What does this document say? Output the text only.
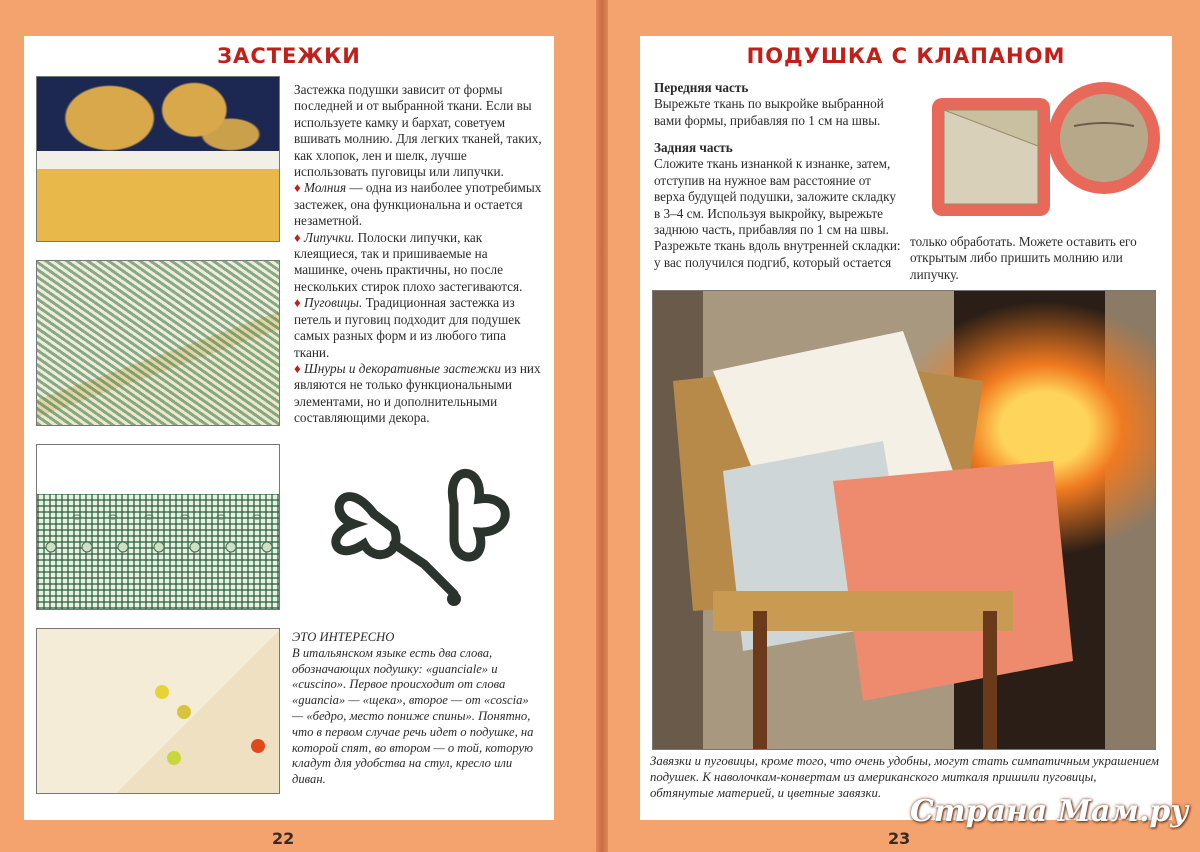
ЗАСТЕЖКИ

Застежка подушки зависит от формы последней и от выбранной ткани. Если вы используете камку и бархат, советуем вшивать молнию. Для легких тканей, таких, как хлопок, лен и шелк, лучше использовать пуговицы или липучки.

♦ Молния — одна из наиболее употребимых застежек, она функциональна и остается незаметной.

♦ Липучки. Полоски липучки, как клеящиеся, так и пришиваемые на машинке, очень практичны, но после нескольких стирок плохо застегиваются.

♦ Пуговицы. Традиционная застежка из петель и пуговиц подходит для подушек самых разных форм и из любого типа ткани.

♦ Шнуры и декоративные застежки из них являются не только функциональными элементами, но и дополнительными составляющими декора.

ЭТО ИНТЕРЕСНО

В итальянском языке есть два слова, обозначающих подушку: «guanciale» и «cuscino». Первое происходит от слова «guancia» — «щека», второе — от «coscia» — «бедро, место пониже спины». Понятно, что в первом случае речь идет о подушке, на которой спят, во втором — о той, которую кладут для удобства на стул, кресло или диван.

22
ПОДУШКА С КЛАПАНОМ

Передняя часть

Вырежьте ткань по выкройке выбранной вами формы, прибавляя по 1 см на швы.

Задняя часть

Сложите ткань изнанкой к изнанке, затем, отступив на нужное вам расстояние от верха будущей подушки, заложите складку в 3–4 см. Используя выкройку, вырежьте заднюю часть, прибавляя по 1 см на швы. Разрежьте ткань вдоль внутренней складки: у вас получился подгиб, который остается

только обработать. Можете оставить его открытым либо пришить молнию или липучку.
Завязки и пуговицы, кроме того, что очень удобны, могут стать симпатичным украшением подушек. К наволочкам-конвертам из американского миткаля пришили пуговицы, обтянутые материей, и цветные завязки.
23
Страна Мам.ру
